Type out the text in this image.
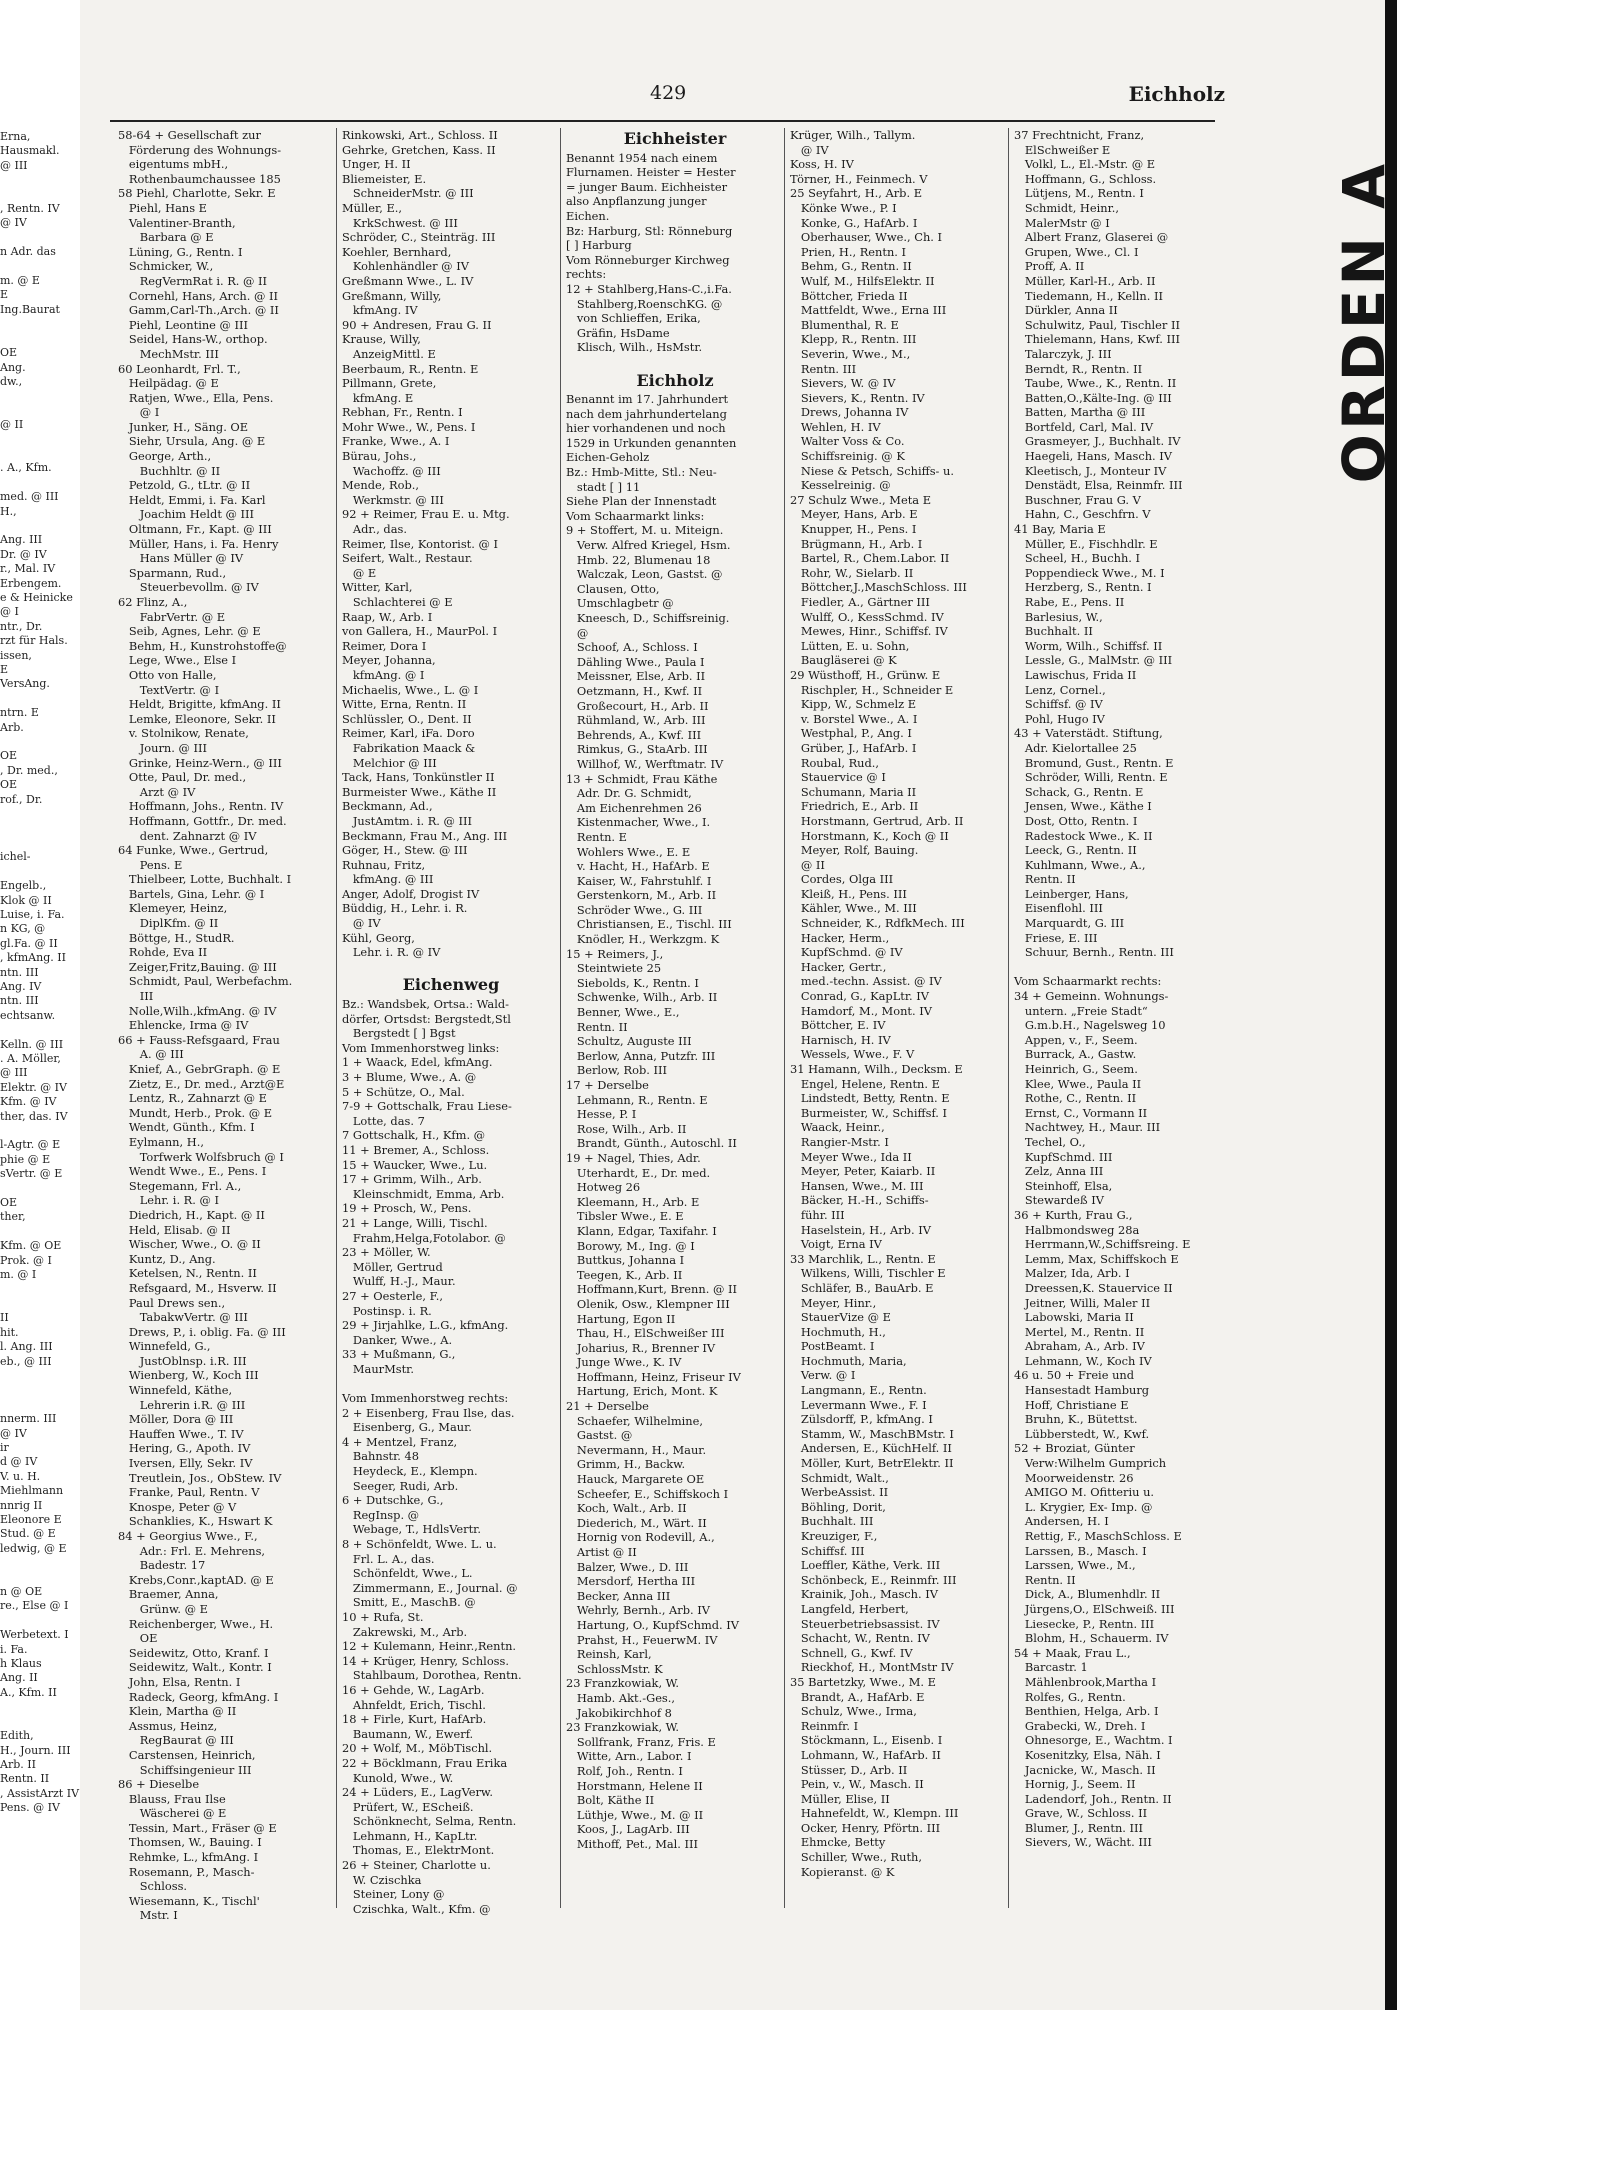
Erna,
Hausmakl.
@ III

, Rentn. IV
@ IV

n Adr. das

m. @ E
E
Ing.Baurat

OE
Ang.
dw.,

@ II

. A., Kfm.

med. @ III
H.,

Ang. III
Dr. @ IV
r., Mal. IV
Erbengem.
e & Heinicke
@ I
ntr., Dr.
rzt für Hals.
issen,
E
VersAng.

ntrn. E
Arb.

OE
, Dr. med.,
OE
rof., Dr.

ichel-

Engelb.,
Klok @ II
Luise, i. Fa.
n KG, @
gl.Fa. @ II
, kfmAng. II
ntn. III
Ang. IV
ntn. III
echtsanw.

Kelln. @ III
. A. Möller,
@ III
Elektr. @ IV
Kfm. @ IV
ther, das. IV

l-Agtr. @ E
phie @ E
sVertr. @ E

OE
ther,

Kfm. @ OE
Prok. @ I
m. @ I

II
hit.
l. Ang. III
eb., @ III

nnerm. III
@ IV
ir
d @ IV
V. u. H.
Miehlmann
nnrig II
Eleonore E
Stud. @ E
ledwig, @ E

n @ OE
re., Else @ I

Werbetext. I
i. Fa.
h Klaus
Ang. II
A., Kfm. II

Edith,
H., Journ. III
Arb. II
Rentn. II
, AssistArzt IV
Pens. @ IV
429	Eichholz
58-64 + Gesellschaft zur
Förderung des Wohnungs-
eigentums mbH.,
Rothenbaumchaussee 185
58 Piehl, Charlotte, Sekr. E
Piehl, Hans E
Valentiner-Branth,
Barbara @ E
Lüning, G., Rentn. I
Schmicker, W.,
RegVermRat i. R. @ II
Cornehl, Hans, Arch. @ II
Gamm,Carl-Th.,Arch. @ II
Piehl, Leontine @ III
Seidel, Hans-W., orthop.
MechMstr. III
60 Leonhardt, Frl. T.,
Heilpädag. @ E
Ratjen, Wwe., Ella, Pens.
@ I
Junker, H., Säng. OE
Siehr, Ursula, Ang. @ E
George, Arth.,
Buchhltr. @ II
Petzold, G., tLtr. @ II
Heldt, Emmi, i. Fa. Karl
Joachim Heldt @ III
Oltmann, Fr., Kapt. @ III
Müller, Hans, i. Fa. Henry
Hans Müller @ IV
Sparmann, Rud.,
Steuerbevollm. @ IV
62 Flinz, A.,
FabrVertr. @ E
Seib, Agnes, Lehr. @ E
Behm, H., Kunstrohstoffe@
Lege, Wwe., Else I
Otto von Halle,
TextVertr. @ I
Heldt, Brigitte, kfmAng. II
Lemke, Eleonore, Sekr. II
v. Stolnikow, Renate,
Journ. @ III
Grinke, Heinz-Wern., @ III
Otte, Paul, Dr. med.,
Arzt @ IV
Hoffmann, Johs., Rentn. IV
Hoffmann, Gottfr., Dr. med.
dent. Zahnarzt @ IV
64 Funke, Wwe., Gertrud,
Pens. E
Thielbeer, Lotte, Buchhalt. I
Bartels, Gina, Lehr. @ I
Klemeyer, Heinz,
DiplKfm. @ II
Böttge, H., StudR.
Rohde, Eva II
Zeiger,Fritz,Bauing. @ III
Schmidt, Paul, Werbefachm.
III
Nolle,Wilh.,kfmAng. @ IV
Ehlencke, Irma @ IV
66 + Fauss-Refsgaard, Frau
A. @ III
Knief, A., GebrGraph. @ E
Zietz, E., Dr. med., Arzt@E
Lentz, R., Zahnarzt @ E
Mundt, Herb., Prok. @ E
Wendt, Günth., Kfm. I
Eylmann, H.,
Torfwerk Wolfsbruch @ I
Wendt Wwe., E., Pens. I
Stegemann, Frl. A.,
Lehr. i. R. @ I
Diedrich, H., Kapt. @ II
Held, Elisab. @ II
Wischer, Wwe., O. @ II
Kuntz, D., Ang.
Ketelsen, N., Rentn. II
Refsgaard, M., Hsverw. II
Paul Drews sen.,
TabakwVertr. @ III
Drews, P., i. oblig. Fa. @ III
Winnefeld, G.,
JustOblnsp. i.R. III
Wienberg, W., Koch III
Winnefeld, Käthe,
Lehrerin i.R. @ III
Möller, Dora @ III
Hauffen Wwe., T. IV
Hering, G., Apoth. IV
Iversen, Elly, Sekr. IV
Treutlein, Jos., ObStew. IV
Franke, Paul, Rentn. V
Knospe, Peter @ V
Schanklies, K., Hswart K
84 + Georgius Wwe., F.,
Adr.: Frl. E. Mehrens,
Badestr. 17
Krebs,Conr.,kaptAD. @ E
Braemer, Anna,
Grünw. @ E
Reichenberger, Wwe., H.
OE
Seidewitz, Otto, Kranf. I
Seidewitz, Walt., Kontr. I
John, Elsa, Rentn. I
Radeck, Georg, kfmAng. I
Klein, Martha @ II
Assmus, Heinz,
RegBaurat @ III
Carstensen, Heinrich,
Schiffsingenieur III
86 + Dieselbe
Blauss, Frau Ilse
Wäscherei @ E
Tessin, Mart., Fräser @ E
Thomsen, W., Bauing. I
Rehmke, L., kfmAng. I
Rosemann, P., Masch-
Schloss.
Wiesemann, K., Tischl'
Mstr. I
Rinkowski, Art., Schloss. II
Gehrke, Gretchen, Kass. II
Unger, H. II
Bliemeister, E.
SchneiderMstr. @ III
Müller, E.,
KrkSchwest. @ III
Schröder, C., Steinträg. III
Koehler, Bernhard,
Kohlenhändler @ IV
Greßmann Wwe., L. IV
Greßmann, Willy,
kfmAng. IV
90 + Andresen, Frau G. II
Krause, Willy,
AnzeigMittl. E
Beerbaum, R., Rentn. E
Pillmann, Grete,
kfmAng. E
Rebhan, Fr., Rentn. I
Mohr Wwe., W., Pens. I
Franke, Wwe., A. I
Bürau, Johs.,
Wachoffz. @ III
Mende, Rob.,
Werkmstr. @ III
92 + Reimer, Frau E. u. Mtg.
Adr., das.
Reimer, Ilse, Kontorist. @ I
Seifert, Walt., Restaur.
@ E
Witter, Karl,
Schlachterei @ E
Raap, W., Arb. I
von Gallera, H., MaurPol. I
Reimer, Dora I
Meyer, Johanna,
kfmAng. @ I
Michaelis, Wwe., L. @ I
Witte, Erna, Rentn. II
Schlüssler, O., Dent. II
Reimer, Karl, iFa. Doro
Fabrikation Maack &
Melchior @ III
Tack, Hans, Tonkünstler II
Burmeister Wwe., Käthe II
Beckmann, Ad.,
JustAmtm. i. R. @ III
Beckmann, Frau M., Ang. III
Göger, H., Stew. @ III
Ruhnau, Fritz,
kfmAng. @ III
Anger, Adolf, Drogist IV
Büddig, H., Lehr. i. R.
@ IV
Kühl, Georg,
Lehr. i. R. @ IV

Eichenweg
Bz.: Wandsbek, Ortsa.: Wald-
dörfer, Ortsdst: Bergstedt,Stl
Bergstedt [ ] Bgst
Vom Immenhorstweg links:
1 + Waack, Edel, kfmAng.
3 + Blume, Wwe., A. @
5 + Schütze, O., Mal.
7-9 + Gottschalk, Frau Liese-
Lotte, das. 7
7 Gottschalk, H., Kfm. @
11 + Bremer, A., Schloss.
15 + Waucker, Wwe., Lu.
17 + Grimm, Wilh., Arb.
Kleinschmidt, Emma, Arb.
19 + Prosch, W., Pens.
21 + Lange, Willi, Tischl.
Frahm,Helga,Fotolabor. @
23 + Möller, W.
Möller, Gertrud
Wulff, H.-J., Maur.
27 + Oesterle, F.,
Postinsp. i. R.
29 + Jirjahlke, L.G., kfmAng.
Danker, Wwe., A.
33 + Mußmann, G.,
MaurMstr.

Vom Immenhorstweg rechts:
2 + Eisenberg, Frau Ilse, das.
Eisenberg, G., Maur.
4 + Mentzel, Franz,
Bahnstr. 48
Heydeck, E., Klempn.
Seeger, Rudi, Arb.
6 + Dutschke, G.,
RegInsp. @
Webage, T., HdlsVertr.
8 + Schönfeldt, Wwe. L. u.
Frl. L. A., das.
Schönfeldt, Wwe., L.
Zimmermann, E., Journal. @
Smitt, E., MaschB. @
10 + Rufa, St.
Zakrewski, M., Arb.
12 + Kulemann, Heinr.,Rentn.
14 + Krüger, Henry, Schloss.
Stahlbaum, Dorothea, Rentn.
16 + Gehde, W., LagArb.
Ahnfeldt, Erich, Tischl.
18 + Firle, Kurt, HafArb.
Baumann, W., Ewerf.
20 + Wolf, M., MöbTischl.
22 + Böcklmann, Frau Erika
Kunold, Wwe., W.
24 + Lüders, E., LagVerw.
Prüfert, W., EScheiß.
Schönknecht, Selma, Rentn.
Lehmann, H., KapLtr.
Thomas, E., ElektrMont.
26 + Steiner, Charlotte u.
W. Czischka
Steiner, Lony @
Czischka, Walt., Kfm. @
Eichheister
Benannt 1954 nach einem
Flurnamen. Heister = Hester
= junger Baum. Eichheister
also Anpflanzung junger
Eichen.
Bz: Harburg, Stl: Rönneburg
[ ] Harburg
Vom Rönneburger Kirchweg
rechts:
12 + Stahlberg,Hans-C.,i.Fa.
Stahlberg,RoenschKG. @
von Schlieffen, Erika,
Gräfin, HsDame
Klisch, Wilh., HsMstr.

Eichholz
Benannt im 17. Jahrhundert
nach dem jahrhundertelang
hier vorhandenen und noch
1529 in Urkunden genannten
Eichen-Geholz
Bz.: Hmb-Mitte, Stl.: Neu-
stadt [ ] 11
Siehe Plan der Innenstadt
Vom Schaarmarkt links:
9 + Stoffert, M. u. Miteign.
Verw. Alfred Kriegel, Hsm.
Hmb. 22, Blumenau 18
Walczak, Leon, Gastst. @
Clausen, Otto,
Umschlagbetr @
Kneesch, D., Schiffsreinig.
@
Schoof, A., Schloss. I
Dähling Wwe., Paula I
Meissner, Else, Arb. II
Oetzmann, H., Kwf. II
Großecourt, H., Arb. II
Rühmland, W., Arb. III
Behrends, A., Kwf. III
Rimkus, G., StaArb. III
Willhof, W., Werftmatr. IV
13 + Schmidt, Frau Käthe
Adr. Dr. G. Schmidt,
Am Eichenrehmen 26
Kistenmacher, Wwe., I.
Rentn. E
Wohlers Wwe., E. E
v. Hacht, H., HafArb. E
Kaiser, W., Fahrstuhlf. I
Gerstenkorn, M., Arb. II
Schröder Wwe., G. III
Christiansen, E., Tischl. III
Knödler, H., Werkzgm. K
15 + Reimers, J.,
Steintwiete 25
Siebolds, K., Rentn. I
Schwenke, Wilh., Arb. II
Benner, Wwe., E.,
Rentn. II
Schultz, Auguste III
Berlow, Anna, Putzfr. III
Berlow, Rob. III
17 + Derselbe
Lehmann, R., Rentn. E
Hesse, P. I
Rose, Wilh., Arb. II
Brandt, Günth., Autoschl. II
19 + Nagel, Thies, Adr.
Uterhardt, E., Dr. med.
Hotweg 26
Kleemann, H., Arb. E
Tibsler Wwe., E. E
Klann, Edgar, Taxifahr. I
Borowy, M., Ing. @ I
Buttkus, Johanna I
Teegen, K., Arb. II
Hoffmann,Kurt, Brenn. @ II
Olenik, Osw., Klempner III
Hartung, Egon II
Thau, H., ElSchweißer III
Joharius, R., Brenner IV
Junge Wwe., K. IV
Hoffmann, Heinz, Friseur IV
Hartung, Erich, Mont. K
21 + Derselbe
Schaefer, Wilhelmine,
Gastst. @
Nevermann, H., Maur.
Grimm, H., Backw.
Hauck, Margarete OE
Scheefer, E., Schiffskoch I
Koch, Walt., Arb. II
Diederich, M., Wärt. II
Hornig von Rodevill, A.,
Artist @ II
Balzer, Wwe., D. III
Mersdorf, Hertha III
Becker, Anna III
Wehrly, Bernh., Arb. IV
Hartung, O., KupfSchmd. IV
Prahst, H., FeuerwM. IV
Reinsh, Karl,
SchlossMstr. K
23 Franzkowiak, W.
Hamb. Akt.-Ges.,
Jakobikirchhof 8
23 Franzkowiak, W.
Sollfrank, Franz, Fris. E
Witte, Arn., Labor. I
Rolf, Joh., Rentn. I
Horstmann, Helene II
Bolt, Käthe II
Lüthje, Wwe., M. @ II
Koos, J., LagArb. III
Mithoff, Pet., Mal. III
Krüger, Wilh., Tallym.
@ IV
Koss, H. IV
Törner, H., Feinmech. V
25 Seyfahrt, H., Arb. E
Könke Wwe., P. I
Konke, G., HafArb. I
Oberhauser, Wwe., Ch. I
Prien, H., Rentn. I
Behm, G., Rentn. II
Wulf, M., HilfsElektr. II
Böttcher, Frieda II
Mattfeldt, Wwe., Erna III
Blumenthal, R. E
Klepp, R., Rentn. III
Severin, Wwe., M.,
Rentn. III
Sievers, W. @ IV
Sievers, K., Rentn. IV
Drews, Johanna IV
Wehlen, H. IV
Walter Voss & Co.
Schiffsreinig. @ K
Niese & Petsch, Schiffs- u.
Kesselreinig. @
27 Schulz Wwe., Meta E
Meyer, Hans, Arb. E
Knupper, H., Pens. I
Brügmann, H., Arb. I
Bartel, R., Chem.Labor. II
Rohr, W., Sielarb. II
Böttcher,J.,MaschSchloss. III
Fiedler, A., Gärtner III
Wulff, O., KessSchmd. IV
Mewes, Hinr., Schiffsf. IV
Lütten, E. u. Sohn,
Baugläserei @ K
29 Wüsthoff, H., Grünw. E
Rischpler, H., Schneider E
Kipp, W., Schmelz E
v. Borstel Wwe., A. I
Westphal, P., Ang. I
Grüber, J., HafArb. I
Roubal, Rud.,
Stauervice @ I
Schumann, Maria II
Friedrich, E., Arb. II
Horstmann, Gertrud, Arb. II
Horstmann, K., Koch @ II
Meyer, Rolf, Bauing.
@ II
Cordes, Olga III
Kleiß, H., Pens. III
Kähler, Wwe., M. III
Schneider, K., RdfkMech. III
Hacker, Herm.,
KupfSchmd. @ IV
Hacker, Gertr.,
med.-techn. Assist. @ IV
Conrad, G., KapLtr. IV
Hamdorf, M., Mont. IV
Böttcher, E. IV
Harnisch, H. IV
Wessels, Wwe., F. V
31 Hamann, Wilh., Decksm. E
Engel, Helene, Rentn. E
Lindstedt, Betty, Rentn. E
Burmeister, W., Schiffsf. I
Waack, Heinr.,
Rangier-Mstr. I
Meyer Wwe., Ida II
Meyer, Peter, Kaiarb. II
Hansen, Wwe., M. III
Bäcker, H.-H., Schiffs-
führ. III
Haselstein, H., Arb. IV
Voigt, Erna IV
33 Marchlik, L., Rentn. E
Wilkens, Willi, Tischler E
Schläfer, B., BauArb. E
Meyer, Hinr.,
StauerVize @ E
Hochmuth, H.,
PostBeamt. I
Hochmuth, Maria,
Verw. @ I
Langmann, E., Rentn.
Levermann Wwe., F. I
Zülsdorff, P., kfmAng. I
Stamm, W., MaschBMstr. I
Andersen, E., KüchHelf. II
Möller, Kurt, BetrElektr. II
Schmidt, Walt.,
WerbeAssist. II
Böhling, Dorit,
Buchhalt. III
Kreuziger, F.,
Schiffsf. III
Loeffler, Käthe, Verk. III
Schönbeck, E., Reinmfr. III
Krainik, Joh., Masch. IV
Langfeld, Herbert,
Steuerbetriebsassist. IV
Schacht, W., Rentn. IV
Schnell, G., Kwf. IV
Rieckhof, H., MontMstr IV
35 Bartetzky, Wwe., M. E
Brandt, A., HafArb. E
Schulz, Wwe., Irma,
Reinmfr. I
Stöckmann, L., Eisenb. I
Lohmann, W., HafArb. II
Stüsser, D., Arb. II
Pein, v., W., Masch. II
Müller, Elise, II
Hahnefeldt, W., Klempn. III
Ocker, Henry, Pförtn. III
Ehmcke, Betty
Schiller, Wwe., Ruth,
Kopieranst. @ K
37 Frechtnicht, Franz,
ElSchweißer E
Volkl, L., El.-Mstr. @ E
Hoffmann, G., Schloss.
Lütjens, M., Rentn. I
Schmidt, Heinr.,
MalerMstr @ I
Albert Franz, Glaserei @
Grupen, Wwe., Cl. I
Proff, A. II
Müller, Karl-H., Arb. II
Tiedemann, H., Kelln. II
Dürkler, Anna II
Schulwitz, Paul, Tischler II
Thielemann, Hans, Kwf. III
Talarczyk, J. III
Berndt, R., Rentn. II
Taube, Wwe., K., Rentn. II
Batten,O.,Kälte-Ing. @ III
Batten, Martha @ III
Bortfeld, Carl, Mal. IV
Grasmeyer, J., Buchhalt. IV
Haegeli, Hans, Masch. IV
Kleetisch, J., Monteur IV
Denstädt, Elsa, Reinmfr. III
Buschner, Frau G. V
Hahn, C., Geschfrn. V
41 Bay, Maria E
Müller, E., Fischhdlr. E
Scheel, H., Buchh. I
Poppendieck Wwe., M. I
Herzberg, S., Rentn. I
Rabe, E., Pens. II
Barlesius, W.,
Buchhalt. II
Worm, Wilh., Schiffsf. II
Lessle, G., MalMstr. @ III
Lawischus, Frida II
Lenz, Cornel.,
Schiffsf. @ IV
Pohl, Hugo IV
43 + Vaterstädt. Stiftung,
Adr. Kielortallee 25
Bromund, Gust., Rentn. E
Schröder, Willi, Rentn. E
Schack, G., Rentn. E
Jensen, Wwe., Käthe I
Dost, Otto, Rentn. I
Radestock Wwe., K. II
Leeck, G., Rentn. II
Kuhlmann, Wwe., A.,
Rentn. II
Leinberger, Hans,
Eisenflohl. III
Marquardt, G. III
Friese, E. III
Schuur, Bernh., Rentn. III

Vom Schaarmarkt rechts:
34 + Gemeinn. Wohnungs-
untern. „Freie Stadt“
G.m.b.H., Nagelsweg 10
Appen, v., F., Seem.
Burrack, A., Gastw.
Heinrich, G., Seem.
Klee, Wwe., Paula II
Rothe, C., Rentn. II
Ernst, C., Vormann II
Nachtwey, H., Maur. III
Techel, O.,
KupfSchmd. III
Zelz, Anna III
Steinhoff, Elsa,
Stewardeß IV
36 + Kurth, Frau G.,
Halbmondsweg 28a
Herrmann,W.,Schiffsreing. E
Lemm, Max, Schiffskoch E
Malzer, Ida, Arb. I
Dreessen,K. Stauervice II
Jeitner, Willi, Maler II
Labowski, Maria II
Mertel, M., Rentn. II
Abraham, A., Arb. IV
Lehmann, W., Koch IV
46 u. 50 + Freie und
Hansestadt Hamburg
Hoff, Christiane E
Bruhn, K., Bütettst.
Lübberstedt, W., Kwf.
52 + Broziat, Günter
Verw:Wilhelm Gumprich
Moorweidenstr. 26
AMIGO M. Ofitteriu u.
L. Krygier, Ex- Imp. @
Andersen, H. I
Rettig, F., MaschSchloss. E
Larssen, B., Masch. I
Larssen, Wwe., M.,
Rentn. II
Dick, A., Blumenhdlr. II
Jürgens,O., ElSchweiß. III
Liesecke, P., Rentn. III
Blohm, H., Schauerm. IV
54 + Maak, Frau L.,
Barcastr. 1
Mählenbrook,Martha I
Rolfes, G., Rentn.
Benthien, Helga, Arb. I
Grabecki, W., Dreh. I
Ohnesorge, E., Wachtm. I
Kosenitzky, Elsa, Näh. I
Jacnicke, W., Masch. II
Hornig, J., Seem. II
Ladendorf, Joh., Rentn. II
Grave, W., Schloss. II
Blumer, J., Rentn. III
Sievers, W., Wächt. III
ORDEN A
